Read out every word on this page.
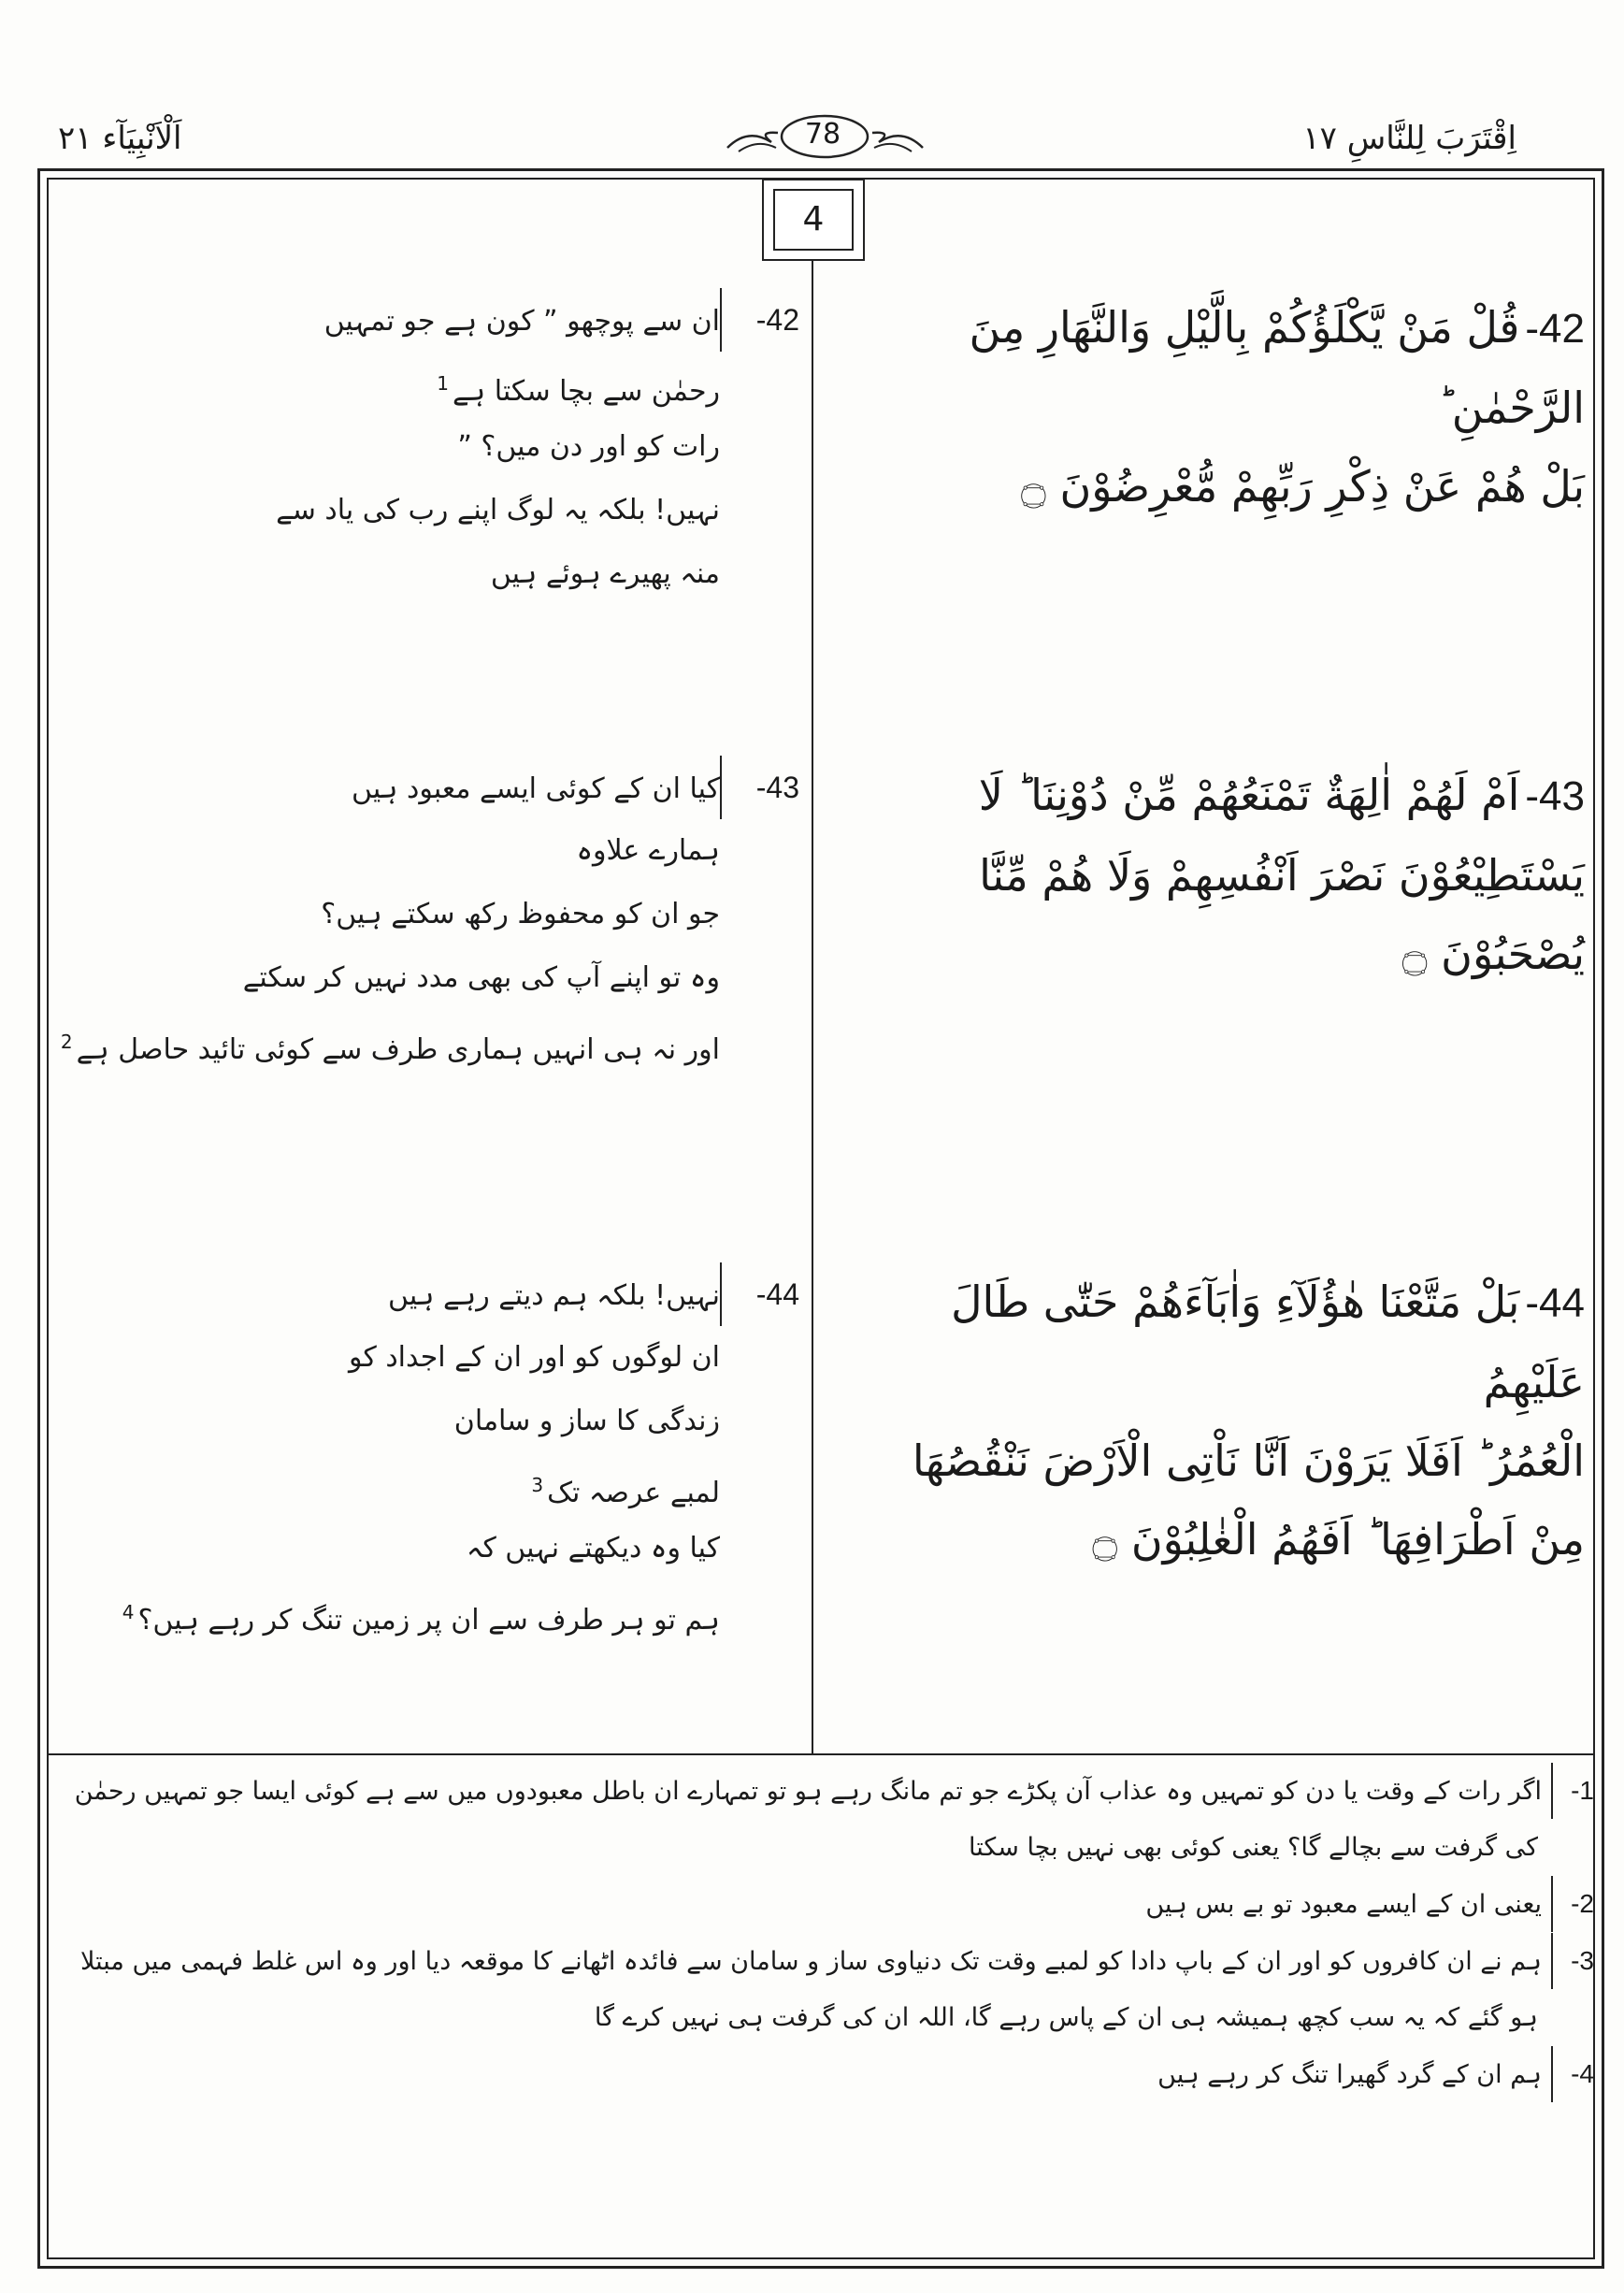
اَلْاَنْبِيَآء ٢١	78	اِقْتَرَبَ لِلنَّاسِ ١٧
4
42-قُلْ مَنْ يَّكْلَؤُكُمْ بِالَّيْلِ وَالنَّهَارِ مِنَ الرَّحْمٰنِ ؕ
بَلْ هُمْ عَنْ ذِكْرِ رَبِّهِمْ مُّعْرِضُوْنَ ۝
43-اَمْ لَهُمْ اٰلِهَةٌ تَمْنَعُهُمْ مِّنْ دُوْنِنَا ؕ لَا
يَسْتَطِيْعُوْنَ نَصْرَ اَنْفُسِهِمْ وَلَا هُمْ مِّنَّا
يُصْحَبُوْنَ ۝
44-بَلْ مَتَّعْنَا هٰؤُلَآءِ وَاٰبَآءَهُمْ حَتّٰى طَالَ عَلَيْهِمُ
الْعُمُرُ ؕ اَفَلَا يَرَوْنَ اَنَّا نَاْتِى الْاَرْضَ نَنْقُصُهَا
مِنْ اَطْرَافِهَا ؕ اَفَهُمُ الْغٰلِبُوْنَ ۝
42-ان سے پوچھو ” کون ہے جو تمہیں
رحمٰن سے بچا سکتا ہے$^1$
رات کو اور دن میں؟ ”
نہیں! بلکہ یہ لوگ اپنے رب کی یاد سے
منہ پھیرے ہوئے ہیں
43-کیا ان کے کوئی ایسے معبود ہیں
ہمارے علاوہ
جو ان کو محفوظ رکھ سکتے ہیں؟
وہ تو اپنے آپ کی بھی مدد نہیں کر سکتے
اور نہ ہی انہیں ہماری طرف سے کوئی تائید حاصل ہے$^2$
44-نہیں! بلکہ ہم دیتے رہے ہیں
ان لوگوں کو اور ان کے اجداد کو
زندگی کا ساز و سامان
لمبے عرصہ تک$^3$
کیا وہ دیکھتے نہیں کہ
ہم تو ہر طرف سے ان پر زمین تنگ کر رہے ہیں؟$^4$
1-اگر رات کے وقت یا دن کو تمہیں وہ عذاب آن پکڑے جو تم مانگ رہے ہو تو تمہارے ان باطل معبودوں میں سے ہے کوئی ایسا جو تمہیں رحمٰن
کی گرفت سے بچالے گا؟ یعنی کوئی بھی نہیں بچا سکتا
2-یعنی ان کے ایسے معبود تو بے بس ہیں
3-ہم نے ان کافروں کو اور ان کے باپ دادا کو لمبے وقت تک دنیاوی ساز و سامان سے فائدہ اٹھانے کا موقعہ دیا اور وہ اس غلط فہمی میں مبتلا
ہو گئے کہ یہ سب کچھ ہمیشہ ہی ان کے پاس رہے گا، اللہ ان کی گرفت ہی نہیں کرے گا
4-ہم ان کے گرد گھیرا تنگ کر رہے ہیں
